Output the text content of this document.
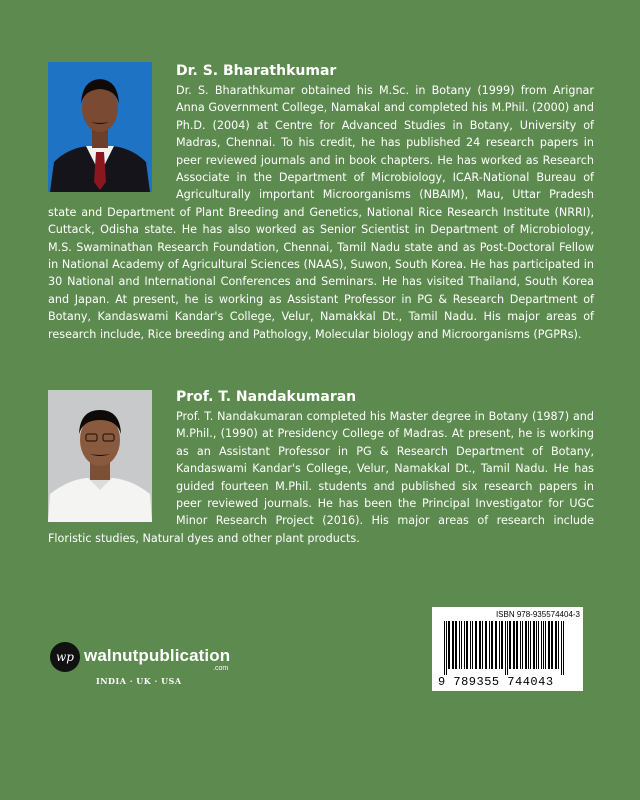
Dr. S. Bharathkumar

Dr. S. Bharathkumar obtained his M.Sc. in Botany (1999) from Arignar Anna Government College, Namakal and completed his M.Phil. (2000) and Ph.D. (2004) at Centre for Advanced Studies in Botany, University of Madras, Chennai. To his credit, he has published 24 research papers in peer reviewed journals and in book chapters. He has worked as Research Associate in the Department of Microbiology, ICAR-National Bureau of Agriculturally important Microorganisms (NBAIM), Mau, Uttar Pradesh state and Department of Plant Breeding and Genetics, National Rice Research Institute (NRRI), Cuttack, Odisha state. He has also worked as Senior Scientist in Department of Microbiology, M.S. Swaminathan Research Foundation, Chennai, Tamil Nadu state and as Post-Doctoral Fellow in National Academy of Agricultural Sciences (NAAS), Suwon, South Korea. He has participated in 30 National and International Conferences and Seminars. He has visited Thailand, South Korea and Japan. At present, he is working as Assistant Professor in PG & Research Department of Botany, Kandaswami Kandar's College, Velur, Namakkal Dt., Tamil Nadu. His major areas of research include, Rice breeding and Pathology, Molecular biology and Microorganisms (PGPRs).

Prof. T. Nandakumaran

Prof. T. Nandakumaran completed his Master degree in Botany (1987) and M.Phil., (1990) at Presidency College of Madras. At present, he is working as an Assistant Professor in PG & Research Department of Botany, Kandaswami Kandar's College, Velur, Namakkal Dt., Tamil Nadu. He has guided fourteen M.Phil. students and published six research papers in peer reviewed journals. He has been the Principal Investigator for UGC Minor Research Project (2016). His major areas of research include Floristic studies, Natural dyes and other plant products.

wp walnutpublication
.com
INDIA · UK · USA
ISBN 978-935574404-3
9 789355 744043
